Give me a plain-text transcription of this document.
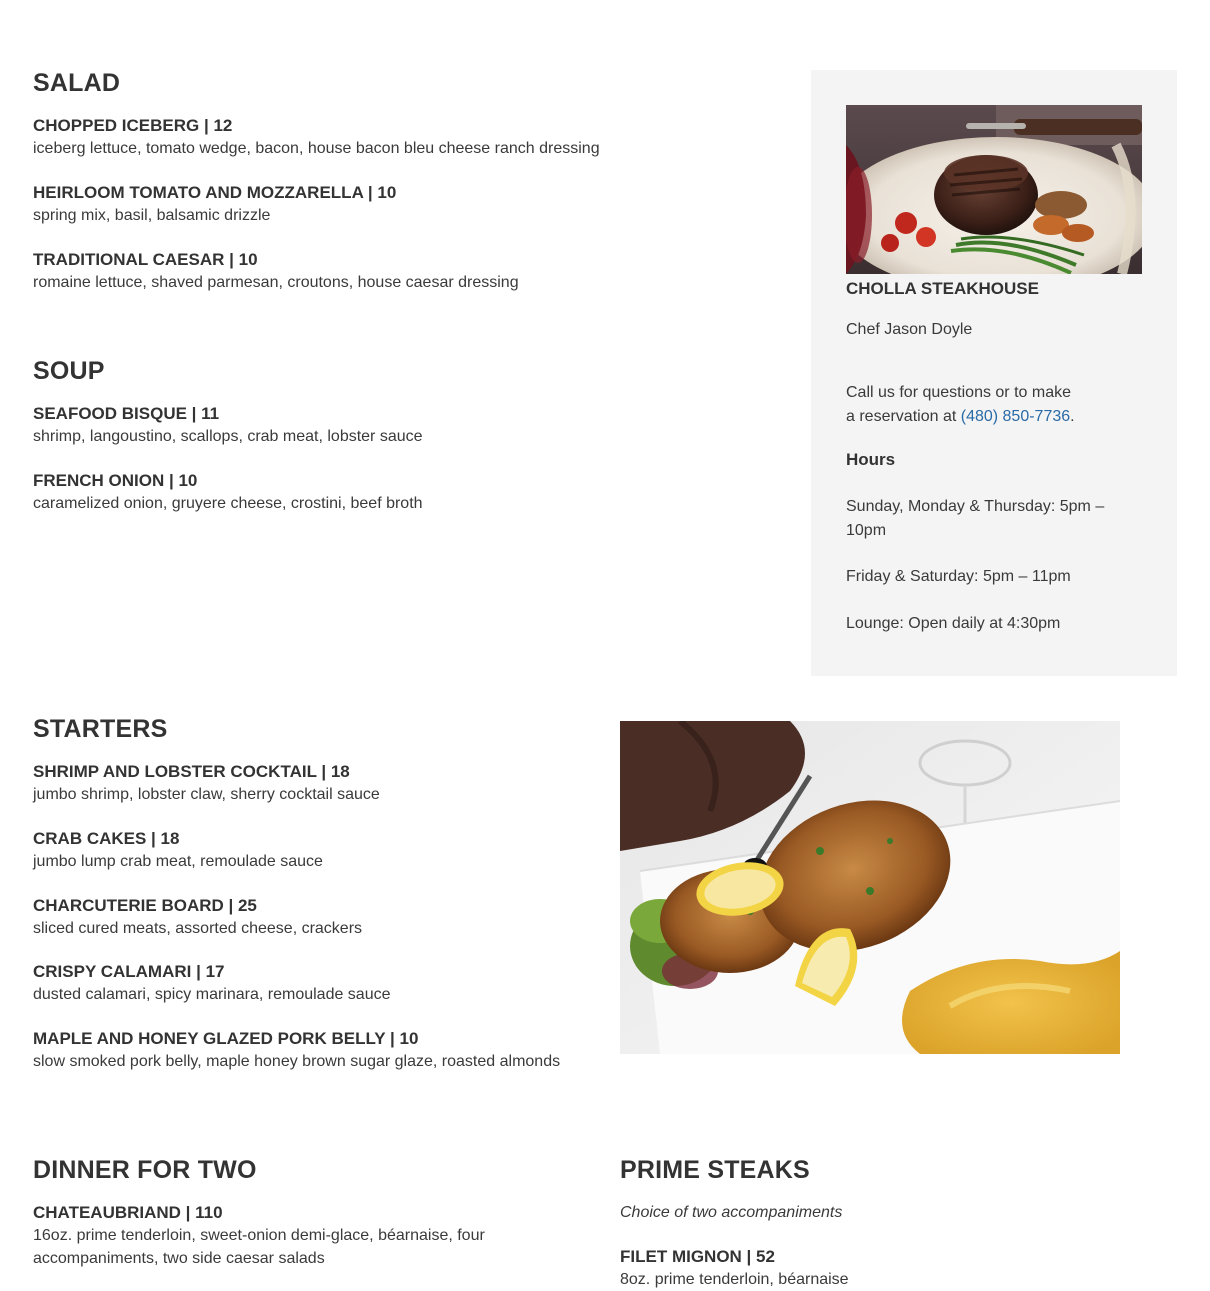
SALAD
CHOPPED ICEBERG | 12
iceberg lettuce, tomato wedge, bacon, house bacon bleu cheese ranch dressing
HEIRLOOM TOMATO AND MOZZARELLA | 10
spring mix, basil, balsamic drizzle
TRADITIONAL CAESAR | 10
romaine lettuce, shaved parmesan, croutons, house caesar dressing
SOUP
SEAFOOD BISQUE | 11
shrimp, langoustino, scallops, crab meat, lobster sauce
FRENCH ONION | 10
caramelized onion, gruyere cheese, crostini, beef broth
CHOLLA STEAKHOUSE
Chef Jason Doyle
Call us for questions or to make
a reservation at (480) 850-7736.
Hours
Sunday, Monday & Thursday: 5pm – 10pm
Friday & Saturday: 5pm – 11pm
Lounge: Open daily at 4:30pm
STARTERS
SHRIMP AND LOBSTER COCKTAIL | 18
jumbo shrimp, lobster claw, sherry cocktail sauce
CRAB CAKES | 18
jumbo lump crab meat, remoulade sauce
CHARCUTERIE BOARD | 25
sliced cured meats, assorted cheese, crackers
CRISPY CALAMARI | 17
dusted calamari, spicy marinara, remoulade sauce
MAPLE AND HONEY GLAZED PORK BELLY | 10
slow smoked pork belly, maple honey brown sugar glaze, roasted almonds
DINNER FOR TWO
CHATEAUBRIAND | 110
16oz. prime tenderloin, sweet-onion demi-glace, béarnaise, four accompaniments, two side caesar salads
PRIME STEAKS
Choice of two accompaniments
FILET MIGNON | 52
8oz. prime tenderloin, béarnaise
